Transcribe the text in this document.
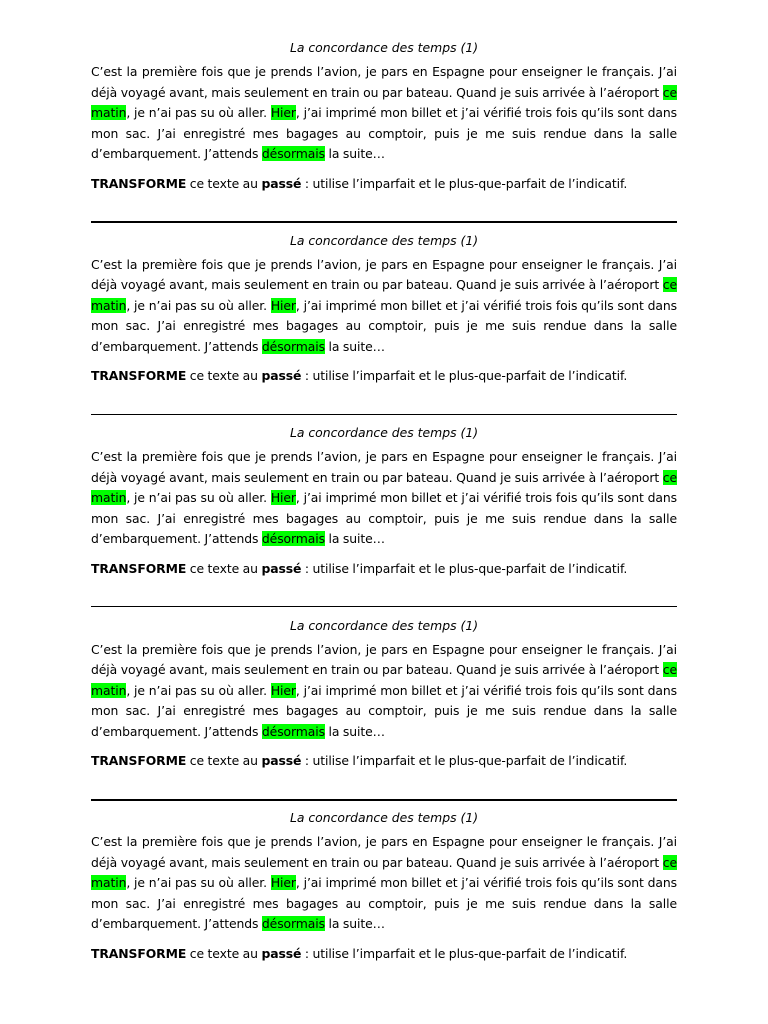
La concordance des temps (1)

C’est la première fois que je prends l’avion, je pars en Espagne pour enseigner le français. J’ai déjà voyagé avant, mais seulement en train ou par bateau. Quand je suis arrivée à l’aéroport ce matin, je n’ai pas su où aller. Hier, j’ai imprimé mon billet et j’ai vérifié trois fois qu’ils sont dans mon sac. J’ai enregistré mes bagages au comptoir, puis je me suis rendue dans la salle d’embarquement. J’attends désormais la suite…

TRANSFORME ce texte au passé : utilise l’imparfait et le plus-que-parfait de l’indicatif.

La concordance des temps (1)

C’est la première fois que je prends l’avion, je pars en Espagne pour enseigner le français. J’ai déjà voyagé avant, mais seulement en train ou par bateau. Quand je suis arrivée à l’aéroport ce matin, je n’ai pas su où aller. Hier, j’ai imprimé mon billet et j’ai vérifié trois fois qu’ils sont dans mon sac. J’ai enregistré mes bagages au comptoir, puis je me suis rendue dans la salle d’embarquement. J’attends désormais la suite…

TRANSFORME ce texte au passé : utilise l’imparfait et le plus-que-parfait de l’indicatif.

La concordance des temps (1)

C’est la première fois que je prends l’avion, je pars en Espagne pour enseigner le français. J’ai déjà voyagé avant, mais seulement en train ou par bateau. Quand je suis arrivée à l’aéroport ce matin, je n’ai pas su où aller. Hier, j’ai imprimé mon billet et j’ai vérifié trois fois qu’ils sont dans mon sac. J’ai enregistré mes bagages au comptoir, puis je me suis rendue dans la salle d’embarquement. J’attends désormais la suite…

TRANSFORME ce texte au passé : utilise l’imparfait et le plus-que-parfait de l’indicatif.

La concordance des temps (1)

C’est la première fois que je prends l’avion, je pars en Espagne pour enseigner le français. J’ai déjà voyagé avant, mais seulement en train ou par bateau. Quand je suis arrivée à l’aéroport ce matin, je n’ai pas su où aller. Hier, j’ai imprimé mon billet et j’ai vérifié trois fois qu’ils sont dans mon sac. J’ai enregistré mes bagages au comptoir, puis je me suis rendue dans la salle d’embarquement. J’attends désormais la suite…

TRANSFORME ce texte au passé : utilise l’imparfait et le plus-que-parfait de l’indicatif.

La concordance des temps (1)

C’est la première fois que je prends l’avion, je pars en Espagne pour enseigner le français. J’ai déjà voyagé avant, mais seulement en train ou par bateau. Quand je suis arrivée à l’aéroport ce matin, je n’ai pas su où aller. Hier, j’ai imprimé mon billet et j’ai vérifié trois fois qu’ils sont dans mon sac. J’ai enregistré mes bagages au comptoir, puis je me suis rendue dans la salle d’embarquement. J’attends désormais la suite…

TRANSFORME ce texte au passé : utilise l’imparfait et le plus-que-parfait de l’indicatif.
